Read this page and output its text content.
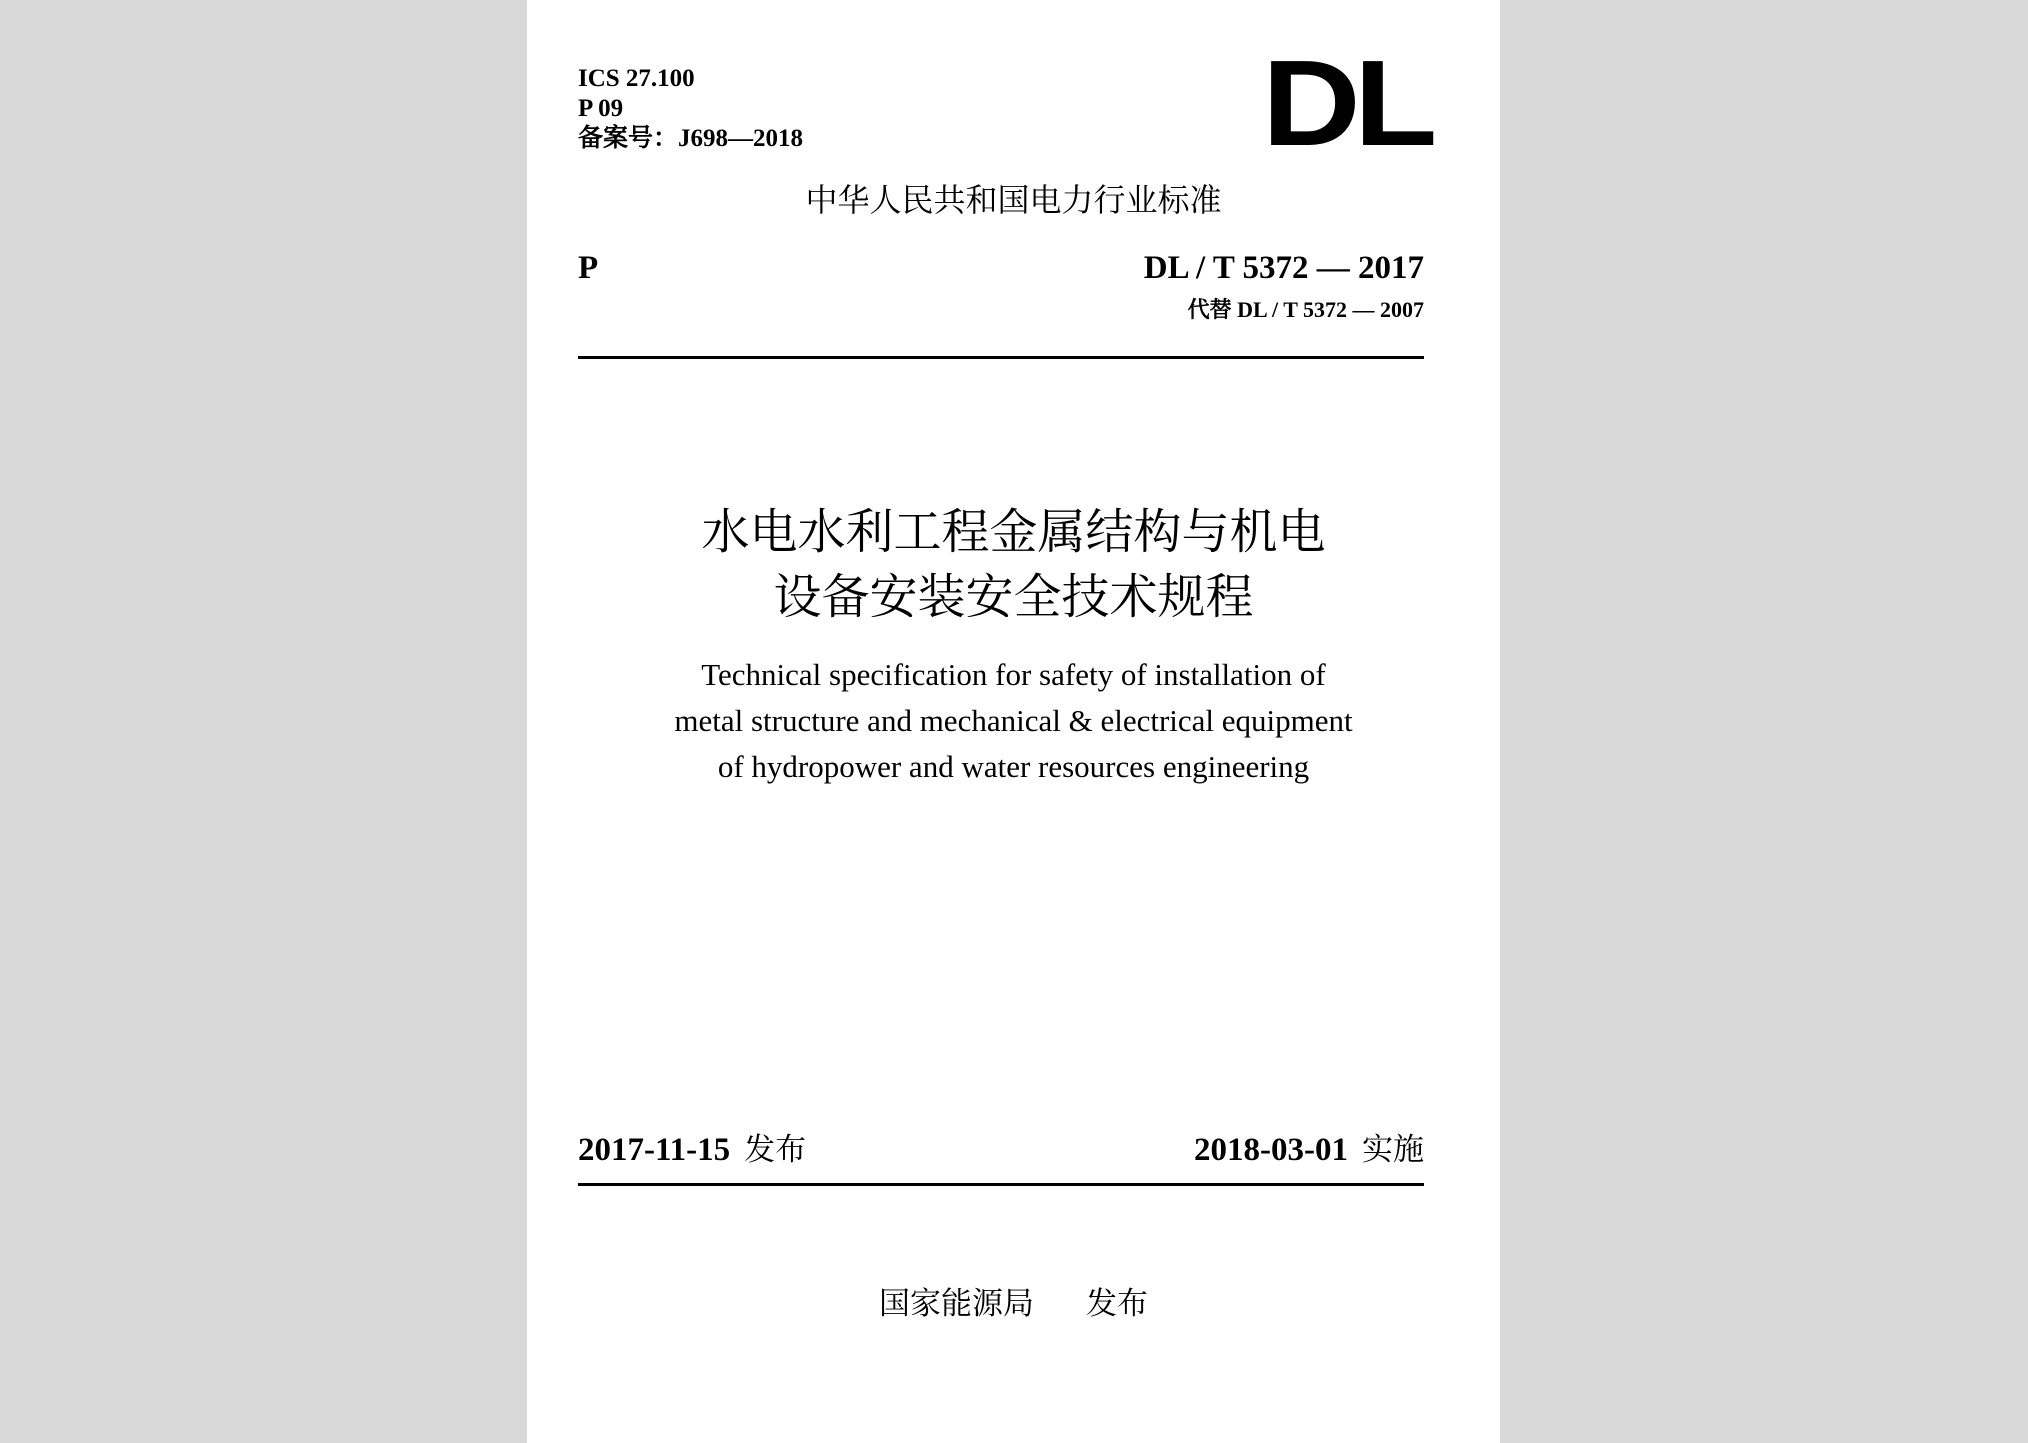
ICS 27.100

P 09

备案号：J698—2018	DL

中华人民共和国电力行业标准

P	DL / T 5372 — 2017

代替 DL / T 5372 — 2007

水电水利工程金属结构与机电

设备安装安全技术规程

Technical specification for safety of installation of

metal structure and mechanical & electrical equipment

of hydropower and water resources engineering

2017-11-15 发布	2018-03-01 实施

国家能源局 发布
